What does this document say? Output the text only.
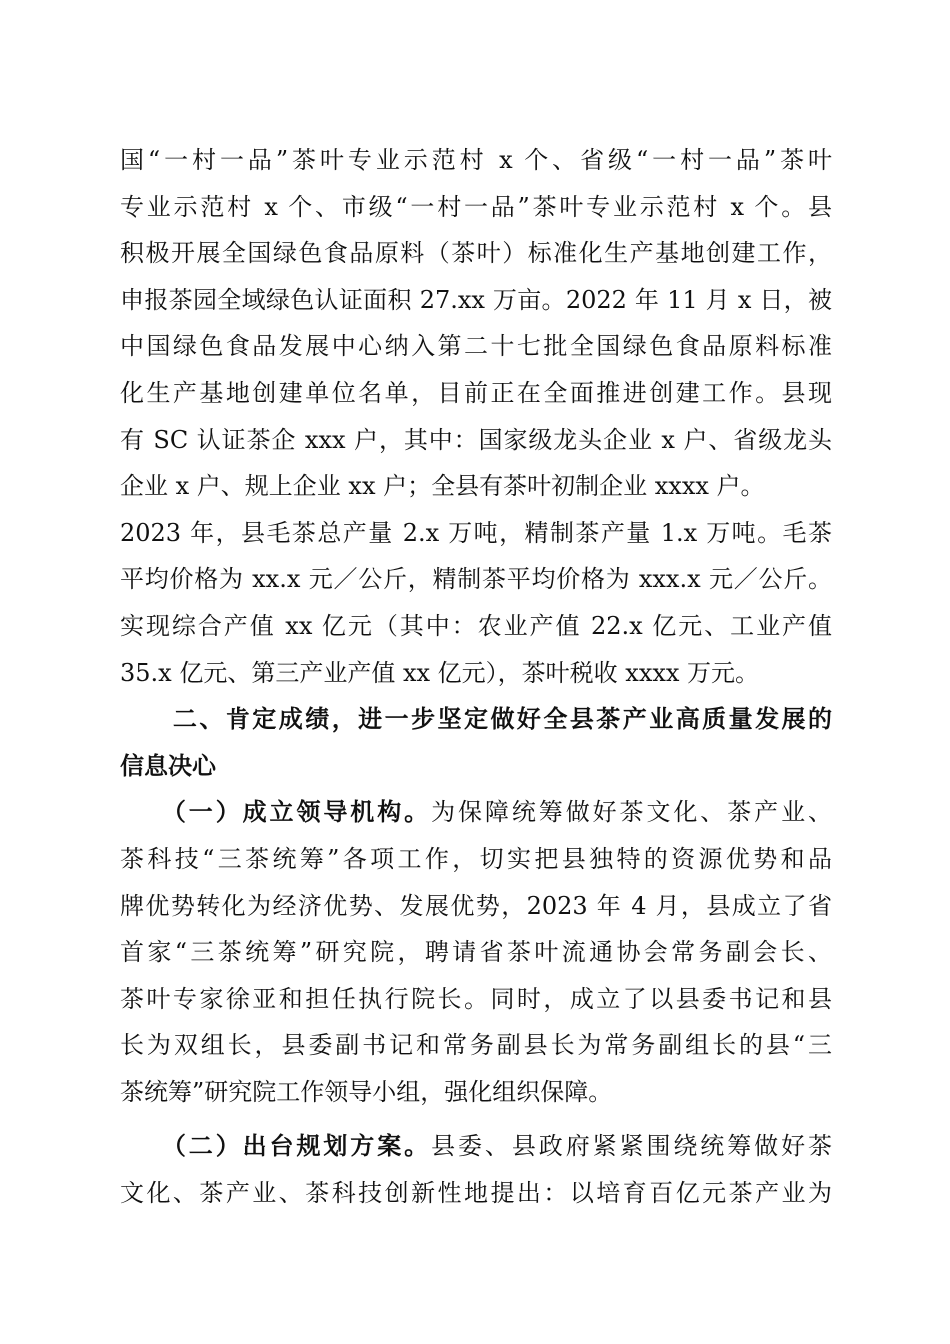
国“一村一品”茶叶专业示范村 x 个、省级“一村一品”茶叶
专业示范村 x 个、市级“一村一品”茶叶专业示范村 x 个。县
积极开展全国绿色食品原料（茶叶）标准化生产基地创建工作，
申报茶园全域绿色认证面积 27.xx 万亩。2022 年 11 月 x 日，被
中国绿色食品发展中心纳入第二十七批全国绿色食品原料标准
化生产基地创建单位名单，目前正在全面推进创建工作。县现
有 SC 认证茶企 xxx 户，其中：国家级龙头企业 x 户、省级龙头
企业 x 户、规上企业 xx 户；全县有茶叶初制企业 xxxx 户。
2023 年，县毛茶总产量 2.x 万吨，精制茶产量 1.x 万吨。毛茶
平均价格为 xx.x 元／公斤，精制茶平均价格为 xxx.x 元／公斤。
实现综合产值 xx 亿元（其中：农业产值 22.x 亿元、工业产值
35.x 亿元、第三产业产值 xx 亿元），茶叶税收 xxxx 万元。
　　二、肯定成绩，进一步坚定做好全县茶产业高质量发展的
信息决心
　　（一）成立领导机构。为保障统筹做好茶文化、茶产业、
茶科技“三茶统筹”各项工作，切实把县独特的资源优势和品
牌优势转化为经济优势、发展优势，2023 年 4 月，县成立了省
首家“三茶统筹”研究院，聘请省茶叶流通协会常务副会长、
茶叶专家徐亚和担任执行院长。同时，成立了以县委书记和县
长为双组长，县委副书记和常务副县长为常务副组长的县“三
茶统筹”研究院工作领导小组，强化组织保障。
　　（二）出台规划方案。县委、县政府紧紧围绕统筹做好茶
文化、茶产业、茶科技创新性地提出：以培育百亿元茶产业为
